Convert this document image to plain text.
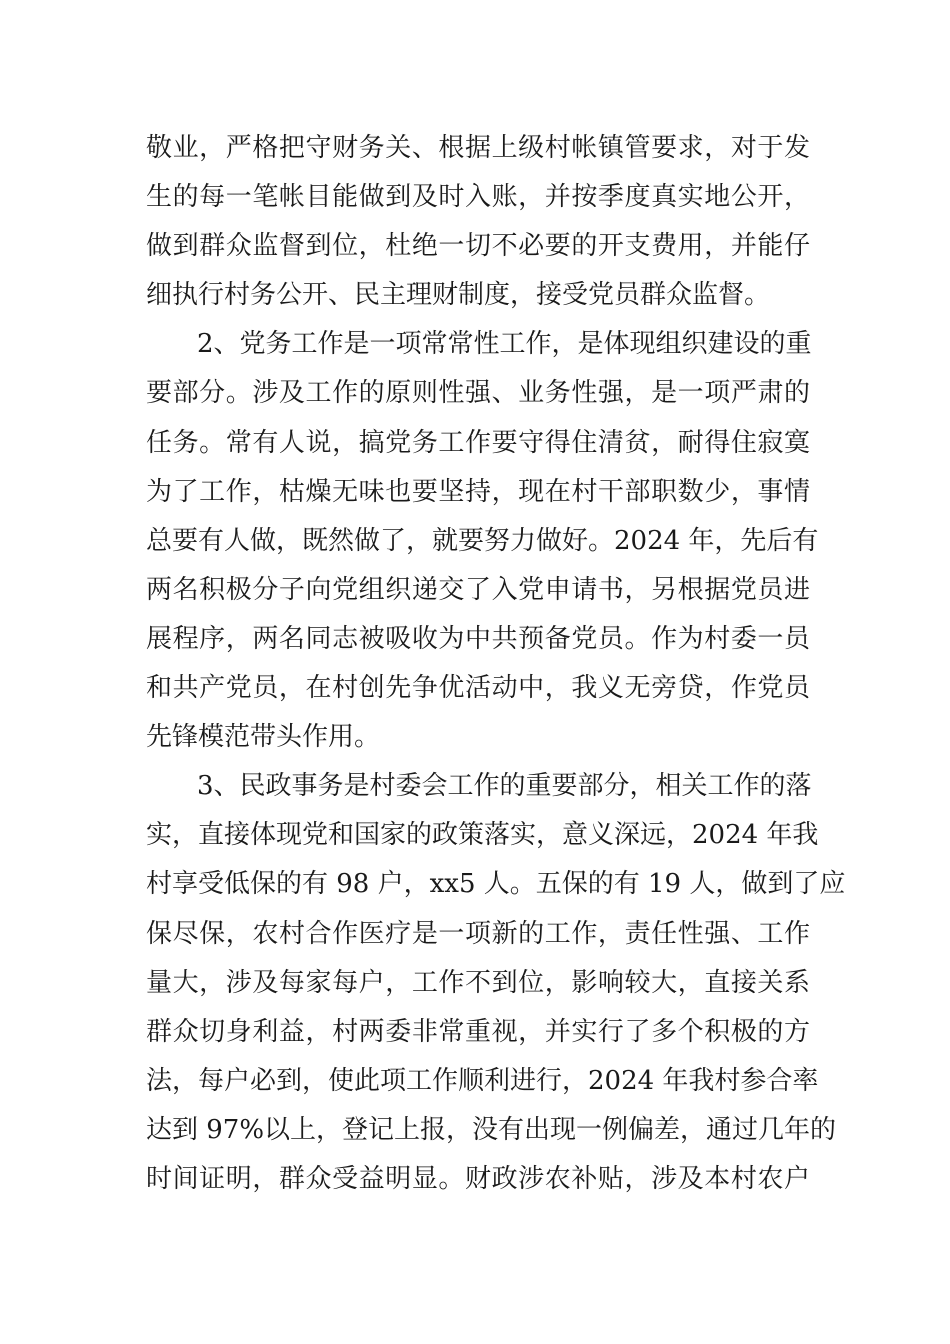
敬业，严格把守财务关、根据上级村帐镇管要求，对于发
生的每一笔帐目能做到及时入账，并按季度真实地公开，
做到群众监督到位，杜绝一切不必要的开支费用，并能仔
细执行村务公开、民主理财制度，接受党员群众监督。
2、党务工作是一项常常性工作，是体现组织建设的重
要部分。涉及工作的原则性强、业务性强，是一项严肃的
任务。常有人说，搞党务工作要守得住清贫，耐得住寂寞
为了工作，枯燥无味也要坚持，现在村干部职数少，事情
总要有人做，既然做了，就要努力做好。2024 年，先后有
两名积极分子向党组织递交了入党申请书，另根据党员进
展程序，两名同志被吸收为中共预备党员。作为村委一员
和共产党员，在村创先争优活动中，我义无旁贷，作党员
先锋模范带头作用。
3、民政事务是村委会工作的重要部分，相关工作的落
实，直接体现党和国家的政策落实，意义深远，2024 年我
村享受低保的有 98 户，xx5 人。五保的有 19 人，做到了应
保尽保，农村合作医疗是一项新的工作，责任性强、工作
量大，涉及每家每户，工作不到位，影响较大，直接关系
群众切身利益，村两委非常重视，并实行了多个积极的方
法，每户必到，使此项工作顺利进行，2024 年我村参合率
达到 97%以上，登记上报，没有出现一例偏差，通过几年的
时间证明，群众受益明显。财政涉农补贴，涉及本村农户
